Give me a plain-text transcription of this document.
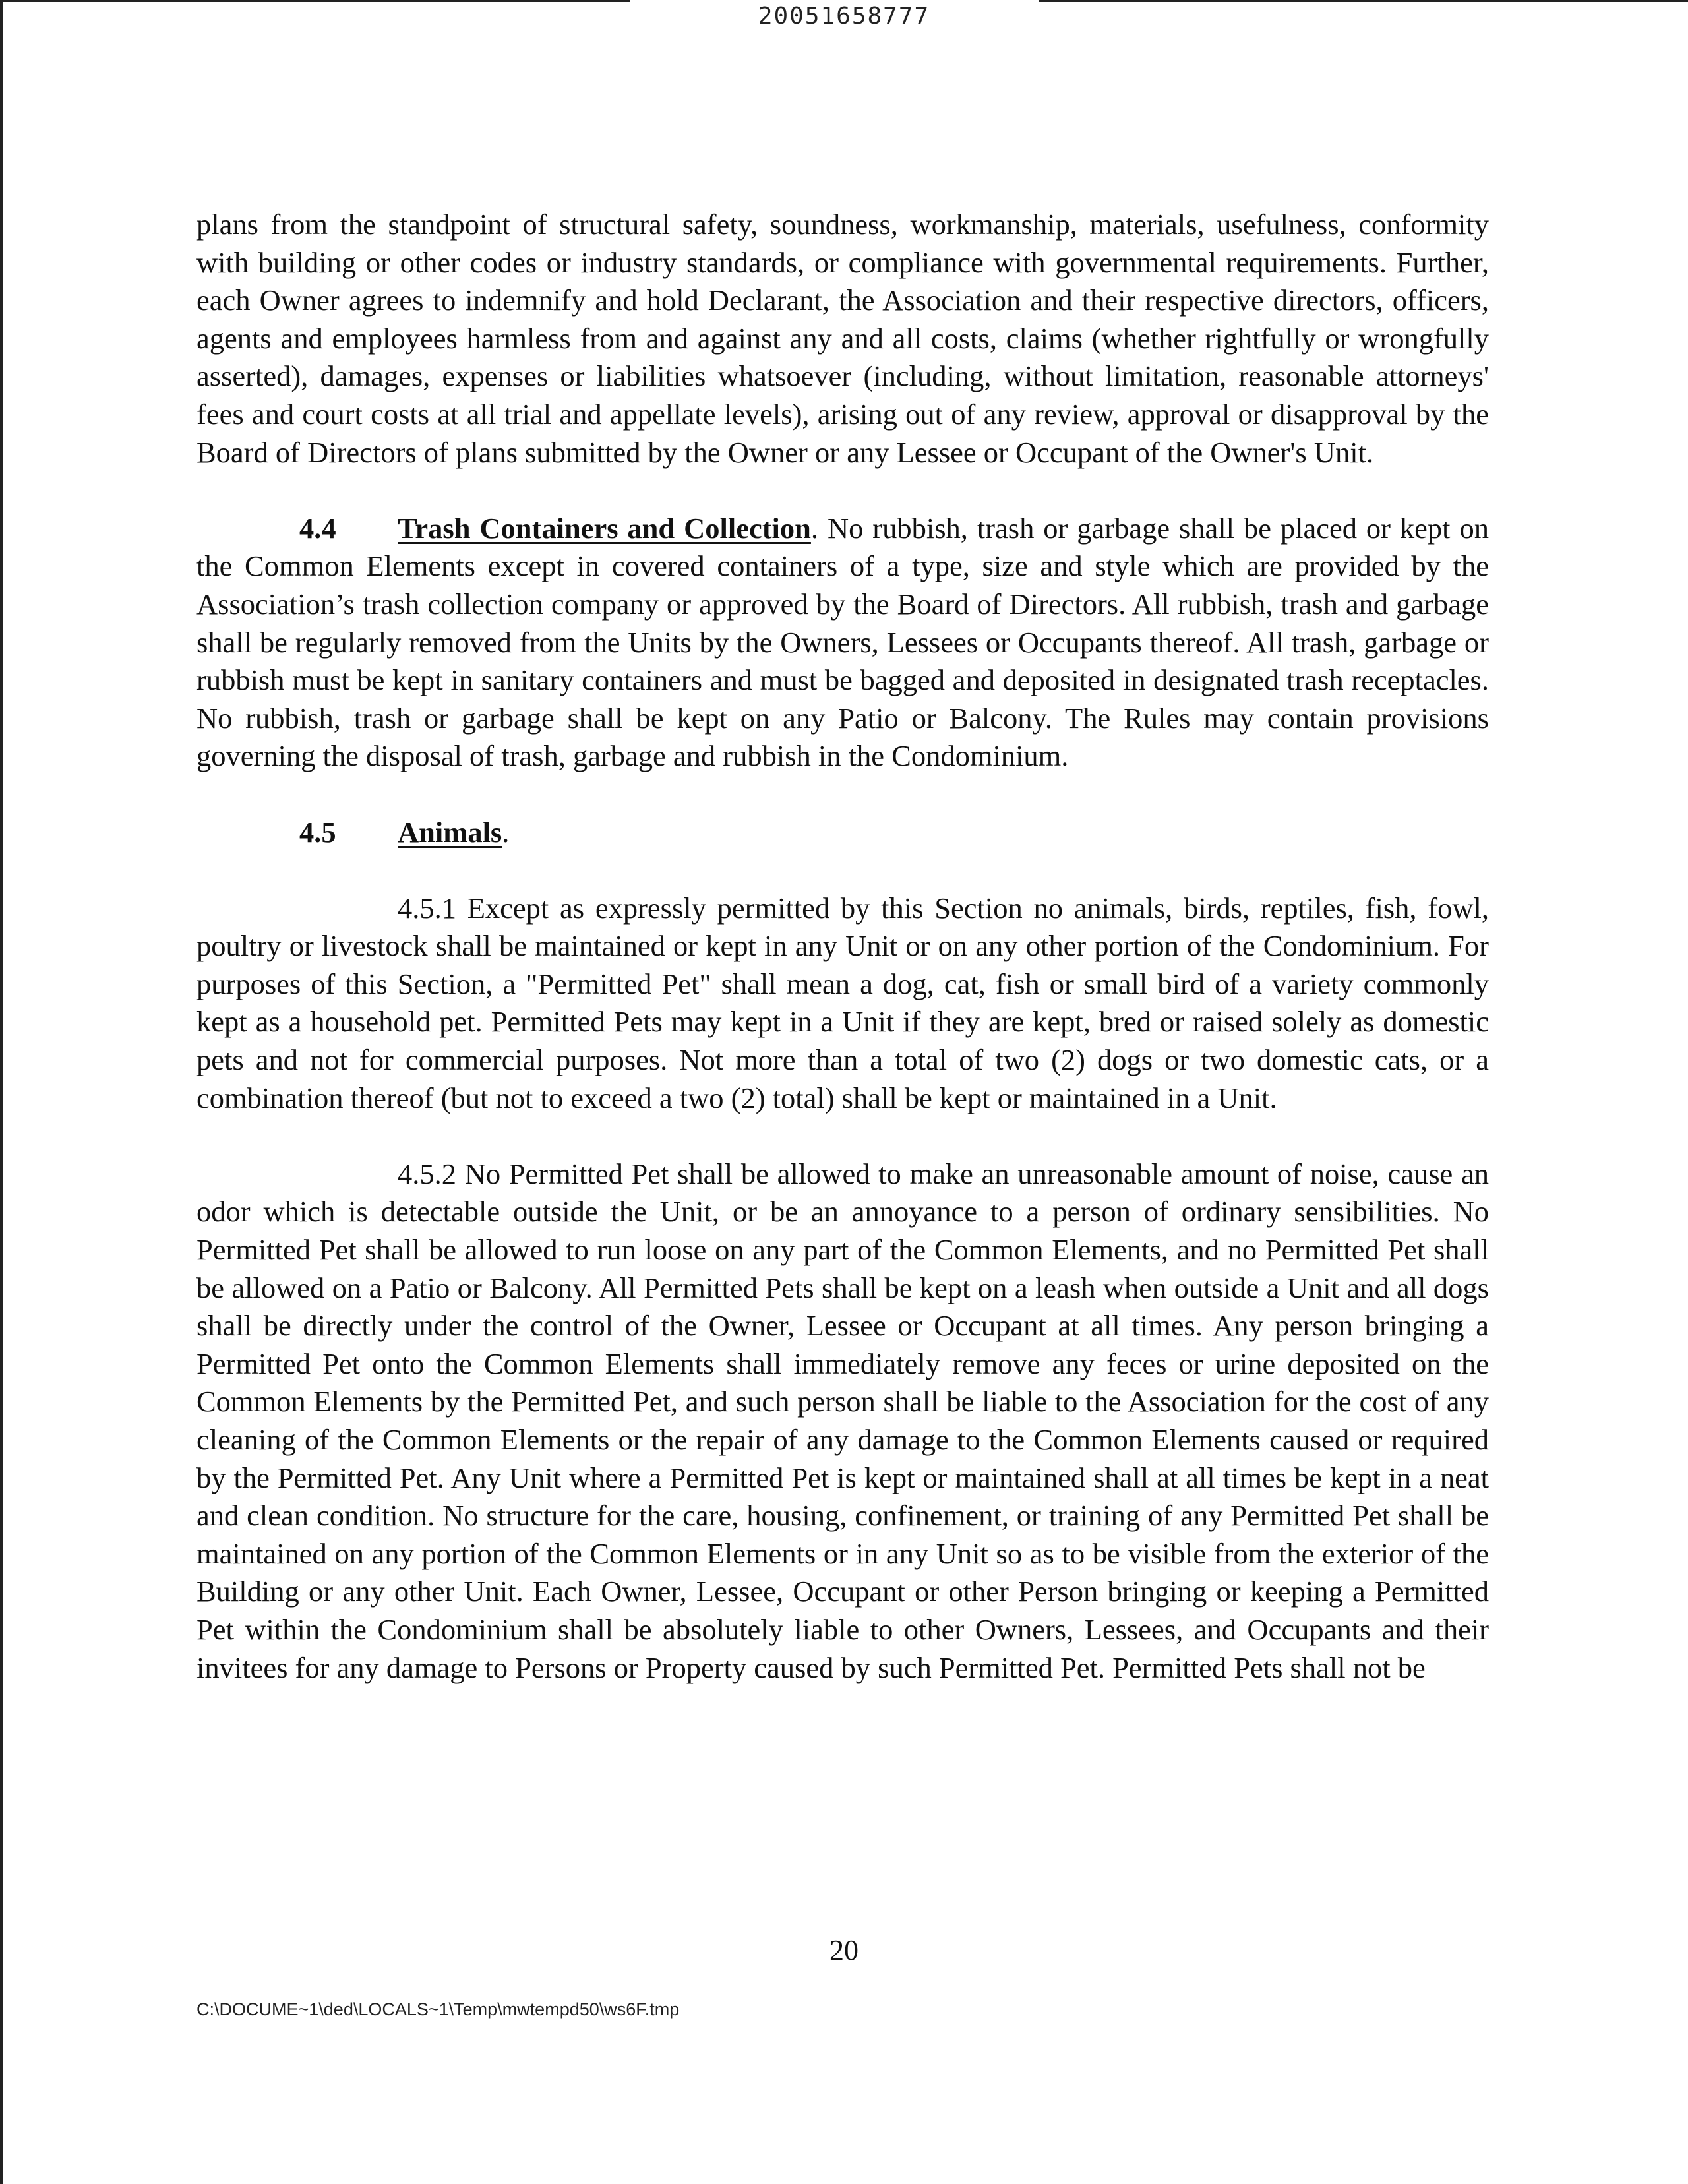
20051658777

plans from the standpoint of structural safety, soundness, workmanship, materials, usefulness, conformity with building or other codes or industry standards, or compliance with governmental requirements. Further, each Owner agrees to indemnify and hold Declarant, the Association and their respective directors, officers, agents and employees harmless from and against any and all costs, claims (whether rightfully or wrongfully asserted), damages, expenses or liabilities whatsoever (including, without limitation, reasonable attorneys' fees and court costs at all trial and appellate levels), arising out of any review, approval or disapproval by the Board of Directors of plans submitted by the Owner or any Lessee or Occupant of the Owner's Unit.

4.4 Trash Containers and Collection. No rubbish, trash or garbage shall be placed or kept on the Common Elements except in covered containers of a type, size and style which are provided by the Association’s trash collection company or approved by the Board of Directors. All rubbish, trash and garbage shall be regularly removed from the Units by the Owners, Lessees or Occupants thereof. All trash, garbage or rubbish must be kept in sanitary containers and must be bagged and deposited in designated trash receptacles. No rubbish, trash or garbage shall be kept on any Patio or Balcony. The Rules may contain provisions governing the disposal of trash, garbage and rubbish in the Condominium.

4.5 Animals.

4.5.1 Except as expressly permitted by this Section no animals, birds, reptiles, fish, fowl, poultry or livestock shall be maintained or kept in any Unit or on any other portion of the Condominium. For purposes of this Section, a "Permitted Pet" shall mean a dog, cat, fish or small bird of a variety commonly kept as a household pet. Permitted Pets may kept in a Unit if they are kept, bred or raised solely as domestic pets and not for commercial purposes. Not more than a total of two (2) dogs or two domestic cats, or a combination thereof (but not to exceed a two (2) total) shall be kept or maintained in a Unit.

4.5.2 No Permitted Pet shall be allowed to make an unreasonable amount of noise, cause an odor which is detectable outside the Unit, or be an annoyance to a person of ordinary sensibilities. No Permitted Pet shall be allowed to run loose on any part of the Common Elements, and no Permitted Pet shall be allowed on a Patio or Balcony. All Permitted Pets shall be kept on a leash when outside a Unit and all dogs shall be directly under the control of the Owner, Lessee or Occupant at all times. Any person bringing a Permitted Pet onto the Common Elements shall immediately remove any feces or urine deposited on the Common Elements by the Permitted Pet, and such person shall be liable to the Association for the cost of any cleaning of the Common Elements or the repair of any damage to the Common Elements caused or required by the Permitted Pet. Any Unit where a Permitted Pet is kept or maintained shall at all times be kept in a neat and clean condition. No structure for the care, housing, confinement, or training of any Permitted Pet shall be maintained on any portion of the Common Elements or in any Unit so as to be visible from the exterior of the Building or any other Unit. Each Owner, Lessee, Occupant or other Person bringing or keeping a Permitted Pet within the Condominium shall be absolutely liable to other Owners, Lessees, and Occupants and their invitees for any damage to Persons or Property caused by such Permitted Pet. Permitted Pets shall not be

20
C:\DOCUME~1\ded\LOCALS~1\Temp\mwtempd50\ws6F.tmp
